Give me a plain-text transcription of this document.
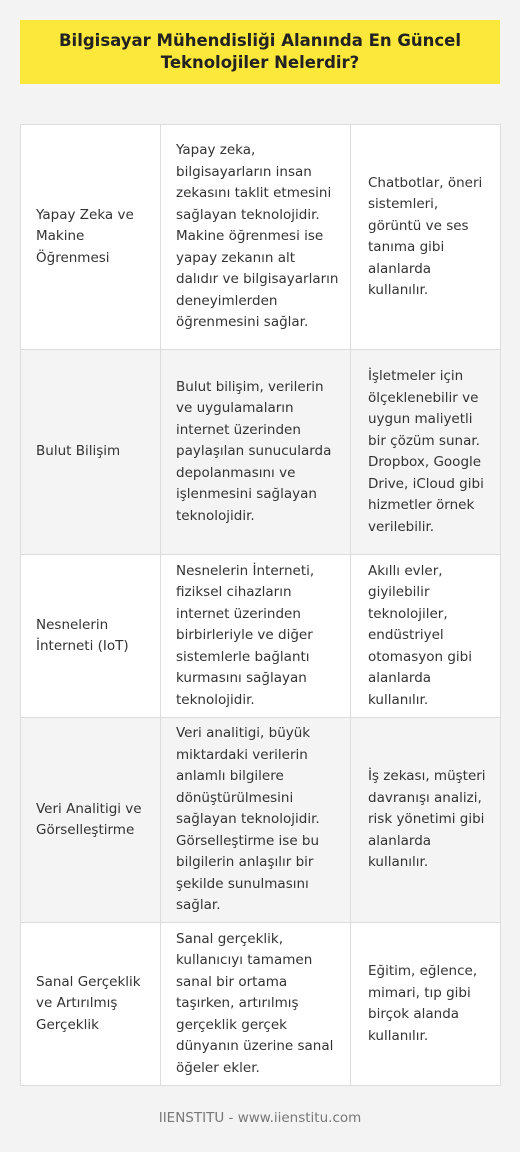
Bilgisayar Mühendisliği Alanında En Güncel Teknolojiler Nelerdir?
Yapay Zeka ve Makine Öğrenmesi	Yapay zeka, bilgisayarların insan zekasını taklit etmesini sağlayan teknolojidir. Makine öğrenmesi ise yapay zekanın alt dalıdır ve bilgisayarların deneyimlerden öğrenmesini sağlar.	Chatbotlar, öneri sistemleri, görüntü ve ses tanıma gibi alanlarda kullanılır.
Bulut Bilişim	Bulut bilişim, verilerin ve uygulamaların internet üzerinden paylaşılan sunucularda depolanmasını ve işlenmesini sağlayan teknolojidir.	İşletmeler için ölçeklenebilir ve uygun maliyetli bir çözüm sunar. Dropbox, Google Drive, iCloud gibi hizmetler örnek verilebilir.
Nesnelerin İnterneti (IoT)	Nesnelerin İnterneti, fiziksel cihazların internet üzerinden birbirleriyle ve diğer sistemlerle bağlantı kurmasını sağlayan teknolojidir.	Akıllı evler, giyilebilir teknolojiler, endüstriyel otomasyon gibi alanlarda kullanılır.
Veri Analitigi ve Görselleştirme	Veri analitigi, büyük miktardaki verilerin anlamlı bilgilere dönüştürülmesini sağlayan teknolojidir. Görselleştirme ise bu bilgilerin anlaşılır bir şekilde sunulmasını sağlar.	İş zekası, müşteri davranışı analizi, risk yönetimi gibi alanlarda kullanılır.
Sanal Gerçeklik ve Artırılmış Gerçeklik	Sanal gerçeklik, kullanıcıyı tamamen sanal bir ortama taşırken, artırılmış gerçeklik gerçek dünyanın üzerine sanal öğeler ekler.	Eğitim, eğlence, mimari, tıp gibi birçok alanda kullanılır.
IIENSTITU - www.iienstitu.com
